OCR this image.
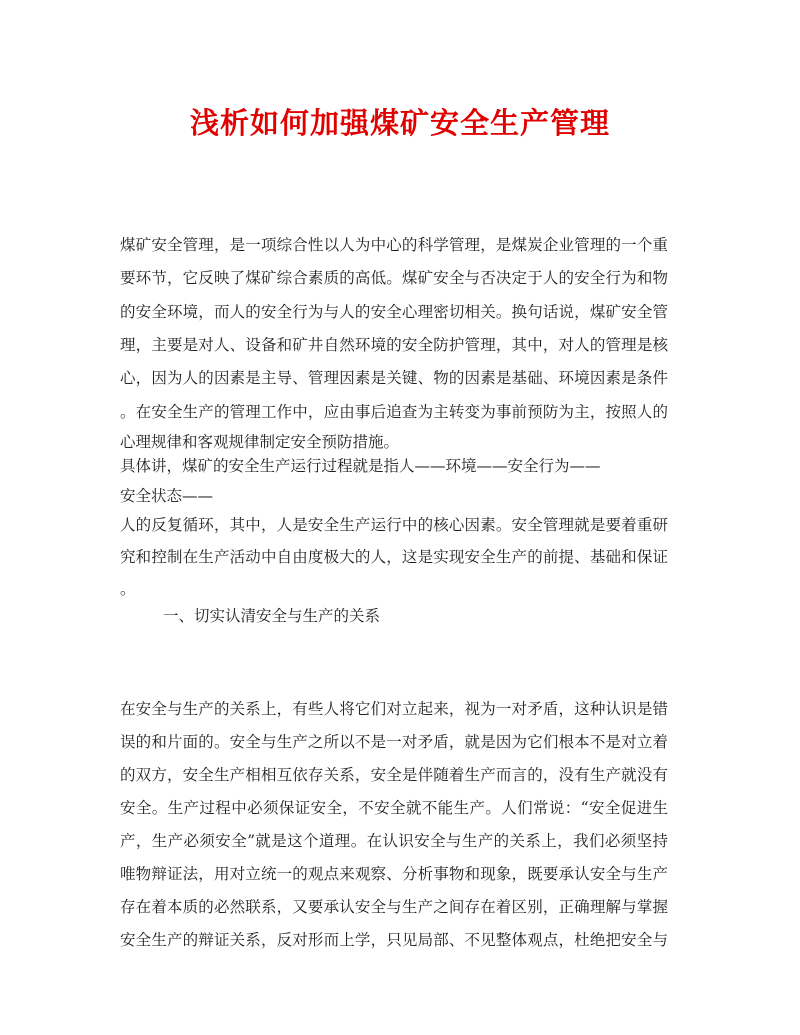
浅析如何加强煤矿安全生产管理
煤矿安全管理，是一项综合性以人为中心的科学管理，是煤炭企业管理的一个重
要环节，它反映了煤矿综合素质的高低。煤矿安全与否决定于人的安全行为和物
的安全环境，而人的安全行为与人的安全心理密切相关。换句话说，煤矿安全管
理，主要是对人、设备和矿井自然环境的安全防护管理，其中，对人的管理是核
心，因为人的因素是主导、管理因素是关键、物的因素是基础、环境因素是条件
。在安全生产的管理工作中，应由事后追查为主转变为事前预防为主，按照人的
心理规律和客观规律制定安全预防措施。
具体讲，煤矿的安全生产运行过程就是指人——环境——安全行为——
安全状态——
人的反复循环，其中，人是安全生产运行中的核心因素。安全管理就是要着重研
究和控制在生产活动中自由度极大的人，这是实现安全生产的前提、基础和保证
。
一、切实认清安全与生产的关系
在安全与生产的关系上，有些人将它们对立起来，视为一对矛盾，这种认识是错
误的和片面的。安全与生产之所以不是一对矛盾，就是因为它们根本不是对立着
的双方，安全生产相相互依存关系，安全是伴随着生产而言的，没有生产就没有
安全。生产过程中必须保证安全，不安全就不能生产。人们常说：“安全促进生
产，生产必须安全”就是这个道理。在认识安全与生产的关系上，我们必须坚持
唯物辩证法，用对立统一的观点来观察、分析事物和现象，既要承认安全与生产
存在着本质的必然联系，又要承认安全与生产之间存在着区别，正确理解与掌握
安全生产的辩证关系，反对形而上学，只见局部、不见整体观点，杜绝把安全与
